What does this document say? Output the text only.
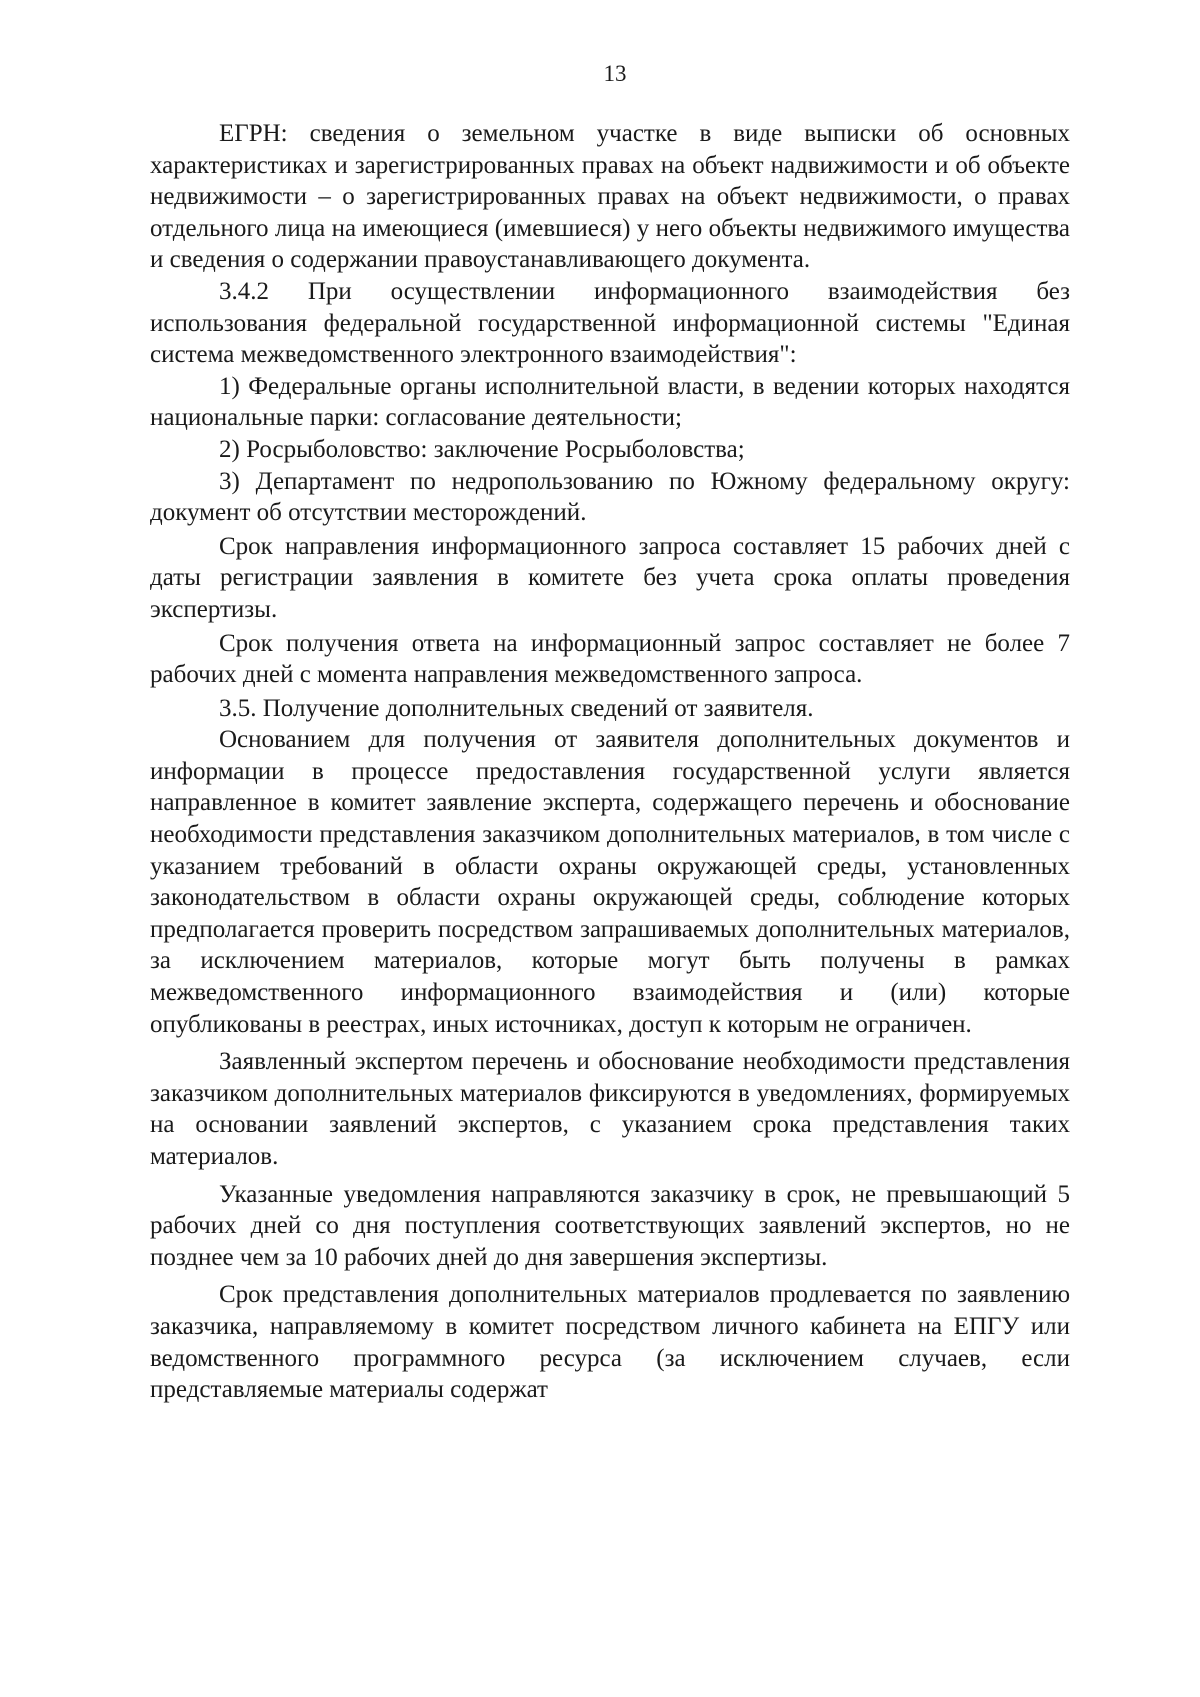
13

ЕГРН: сведения о земельном участке в виде выписки об основных характеристиках и зарегистрированных правах на объект надвижимости и об объекте недвижимости – о зарегистрированных правах на объект недвижимости, о правах отдельного лица на имеющиеся (имевшиеся) у него объекты недвижимого имущества и сведения о содержании правоустанавливающего документа.

3.4.2 При осуществлении информационного взаимодействия без использования федеральной государственной информационной системы "Единая система межведомственного электронного взаимодействия":

1) Федеральные органы исполнительной власти, в ведении которых находятся национальные парки: согласование деятельности;

2) Росрыболовство: заключение Росрыболовства;

3) Департамент по недропользованию по Южному федеральному округу: документ об отсутствии месторождений.

Срок направления информационного запроса составляет 15 рабочих дней с даты регистрации заявления в комитете без учета срока оплаты проведения экспертизы.

Срок получения ответа на информационный запрос составляет не более 7 рабочих дней с момента направления межведомственного запроса.

3.5. Получение дополнительных сведений от заявителя.

Основанием для получения от заявителя дополнительных документов и информации в процессе предоставления государственной услуги является направленное в комитет заявление эксперта, содержащего перечень и обоснование необходимости представления заказчиком дополнительных материалов, в том числе с указанием требований в области охраны окружающей среды, установленных законодательством в области охраны окружающей среды, соблюдение которых предполагается проверить посредством запрашиваемых дополнительных материалов, за исключением материалов, которые могут быть получены в рамках межведомственного информационного взаимодействия и (или) которые опубликованы в реестрах, иных источниках, доступ к которым не ограничен.

Заявленный экспертом перечень и обоснование необходимости представления заказчиком дополнительных материалов фиксируются в уведомлениях, формируемых на основании заявлений экспертов, с указанием срока представления таких материалов.

Указанные уведомления направляются заказчику в срок, не превышающий 5 рабочих дней со дня поступления соответствующих заявлений экспертов, но не позднее чем за 10 рабочих дней до дня завершения экспертизы.

Срок представления дополнительных материалов продлевается по заявлению заказчика, направляемому в комитет посредством личного кабинета на ЕПГУ или ведомственного программного ресурса (за исключением случаев, если представляемые материалы содержат
